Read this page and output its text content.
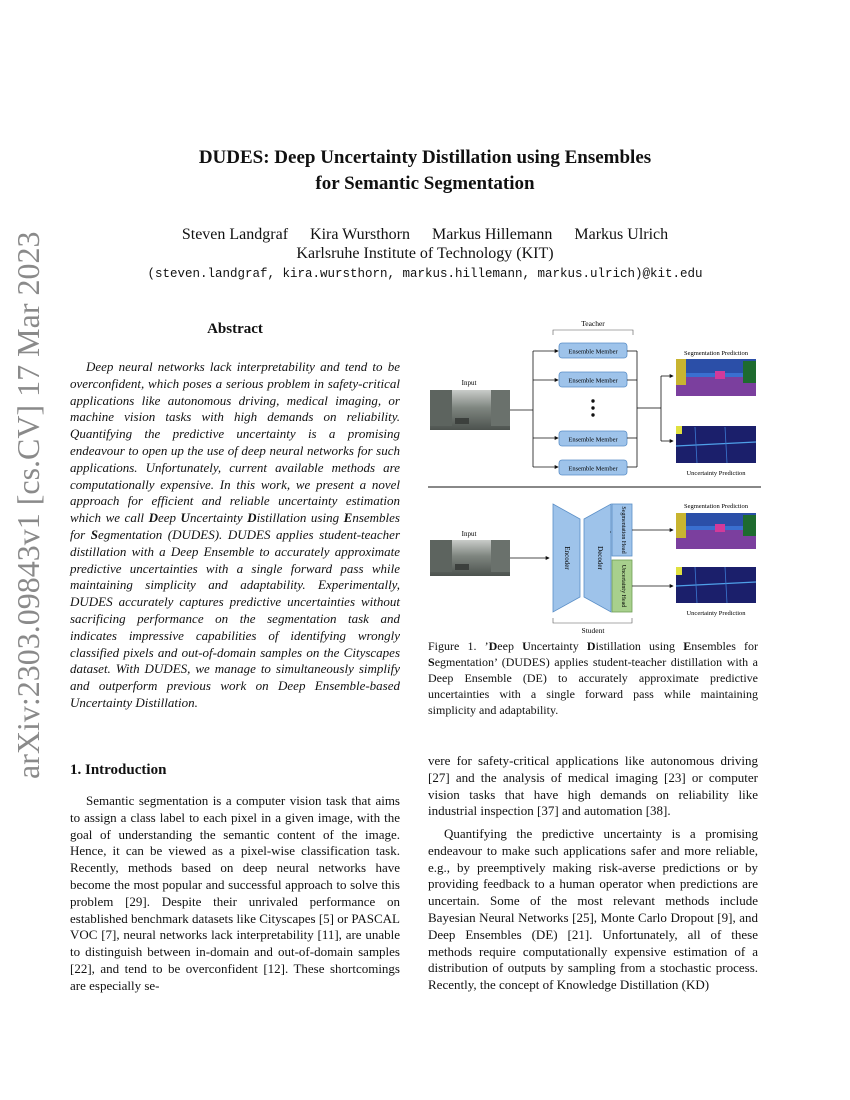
arXiv:2303.09843v1 [cs.CV] 17 Mar 2023
DUDES: Deep Uncertainty Distillation using Ensembles
for Semantic Segmentation
Steven Landgraf Kira Wursthorn Markus Hillemann Markus Ulrich
Karlsruhe Institute of Technology (KIT)
(steven.landgraf, kira.wursthorn, markus.hillemann, markus.ulrich)@kit.edu
Abstract
Deep neural networks lack interpretability and tend to be overconfident, which poses a serious problem in safety-critical applications like autonomous driving, medical imaging, or machine vision tasks with high demands on reliability. Quantifying the predictive uncertainty is a promising endeavour to open up the use of deep neural networks for such applications. Unfortunately, current available methods are computationally expensive. In this work, we present a novel approach for efficient and reliable uncertainty estimation which we call Deep Uncertainty Distillation using Ensembles for Segmentation (DUDES). DUDES applies student-teacher distillation with a Deep Ensemble to accurately approximate predictive uncertainties with a single forward pass while maintaining simplicity and adaptability. Experimentally, DUDES accurately captures predictive uncertainties without sacrificing performance on the segmentation task and indicates impressive capabilities of identifying wrongly classified pixels and out-of-domain samples on the Cityscapes dataset. With DUDES, we manage to simultaneously simplify and outperform previous work on Deep Ensemble-based Uncertainty Distillation.
1. Introduction
Semantic segmentation is a computer vision task that aims to assign a class label to each pixel in a given image, with the goal of understanding the semantic content of the image. Hence, it can be viewed as a pixel-wise classification task. Recently, methods based on deep neural networks have become the most popular and successful approach to solve this problem [29]. Despite their unrivaled performance on established benchmark datasets like Cityscapes [5] or PASCAL VOC [7], neural networks lack interpretability [11], are unable to distinguish between in-domain and out-of-domain samples [22], and tend to be overconfident [12]. These shortcomings are especially se-
vere for safety-critical applications like autonomous driving [27] and the analysis of medical imaging [23] or computer vision tasks that have high demands on reliability like industrial inspection [37] and automation [38].
Quantifying the predictive uncertainty is a promising endeavour to make such applications safer and more reliable, e.g., by preemptively making risk-averse predictions or by providing feedback to a human operator when predictions are uncertain. Some of the most relevant methods include Bayesian Neural Networks [25], Monte Carlo Dropout [9], and Deep Ensembles (DE) [21]. Unfortunately, all of these methods require computationally expensive estimation of a distribution of outputs by sampling from a stochastic process. Recently, the concept of Knowledge Distillation (KD)
Teacher
Input
Ensemble Member
Ensemble Member
Ensemble Member
Ensemble Member
Segmentation Prediction
Uncertainty Prediction
Input
Encoder	Decoder
Segmentation Head
Uncertainty Head
Segmentation Prediction
Uncertainty Prediction
Student
Figure 1. ’Deep Uncertainty Distillation using Ensembles for Segmentation’ (DUDES) applies student-teacher distillation with a Deep Ensemble (DE) to accurately approximate predictive uncertainties with a single forward pass while maintaining simplicity and adaptability.
